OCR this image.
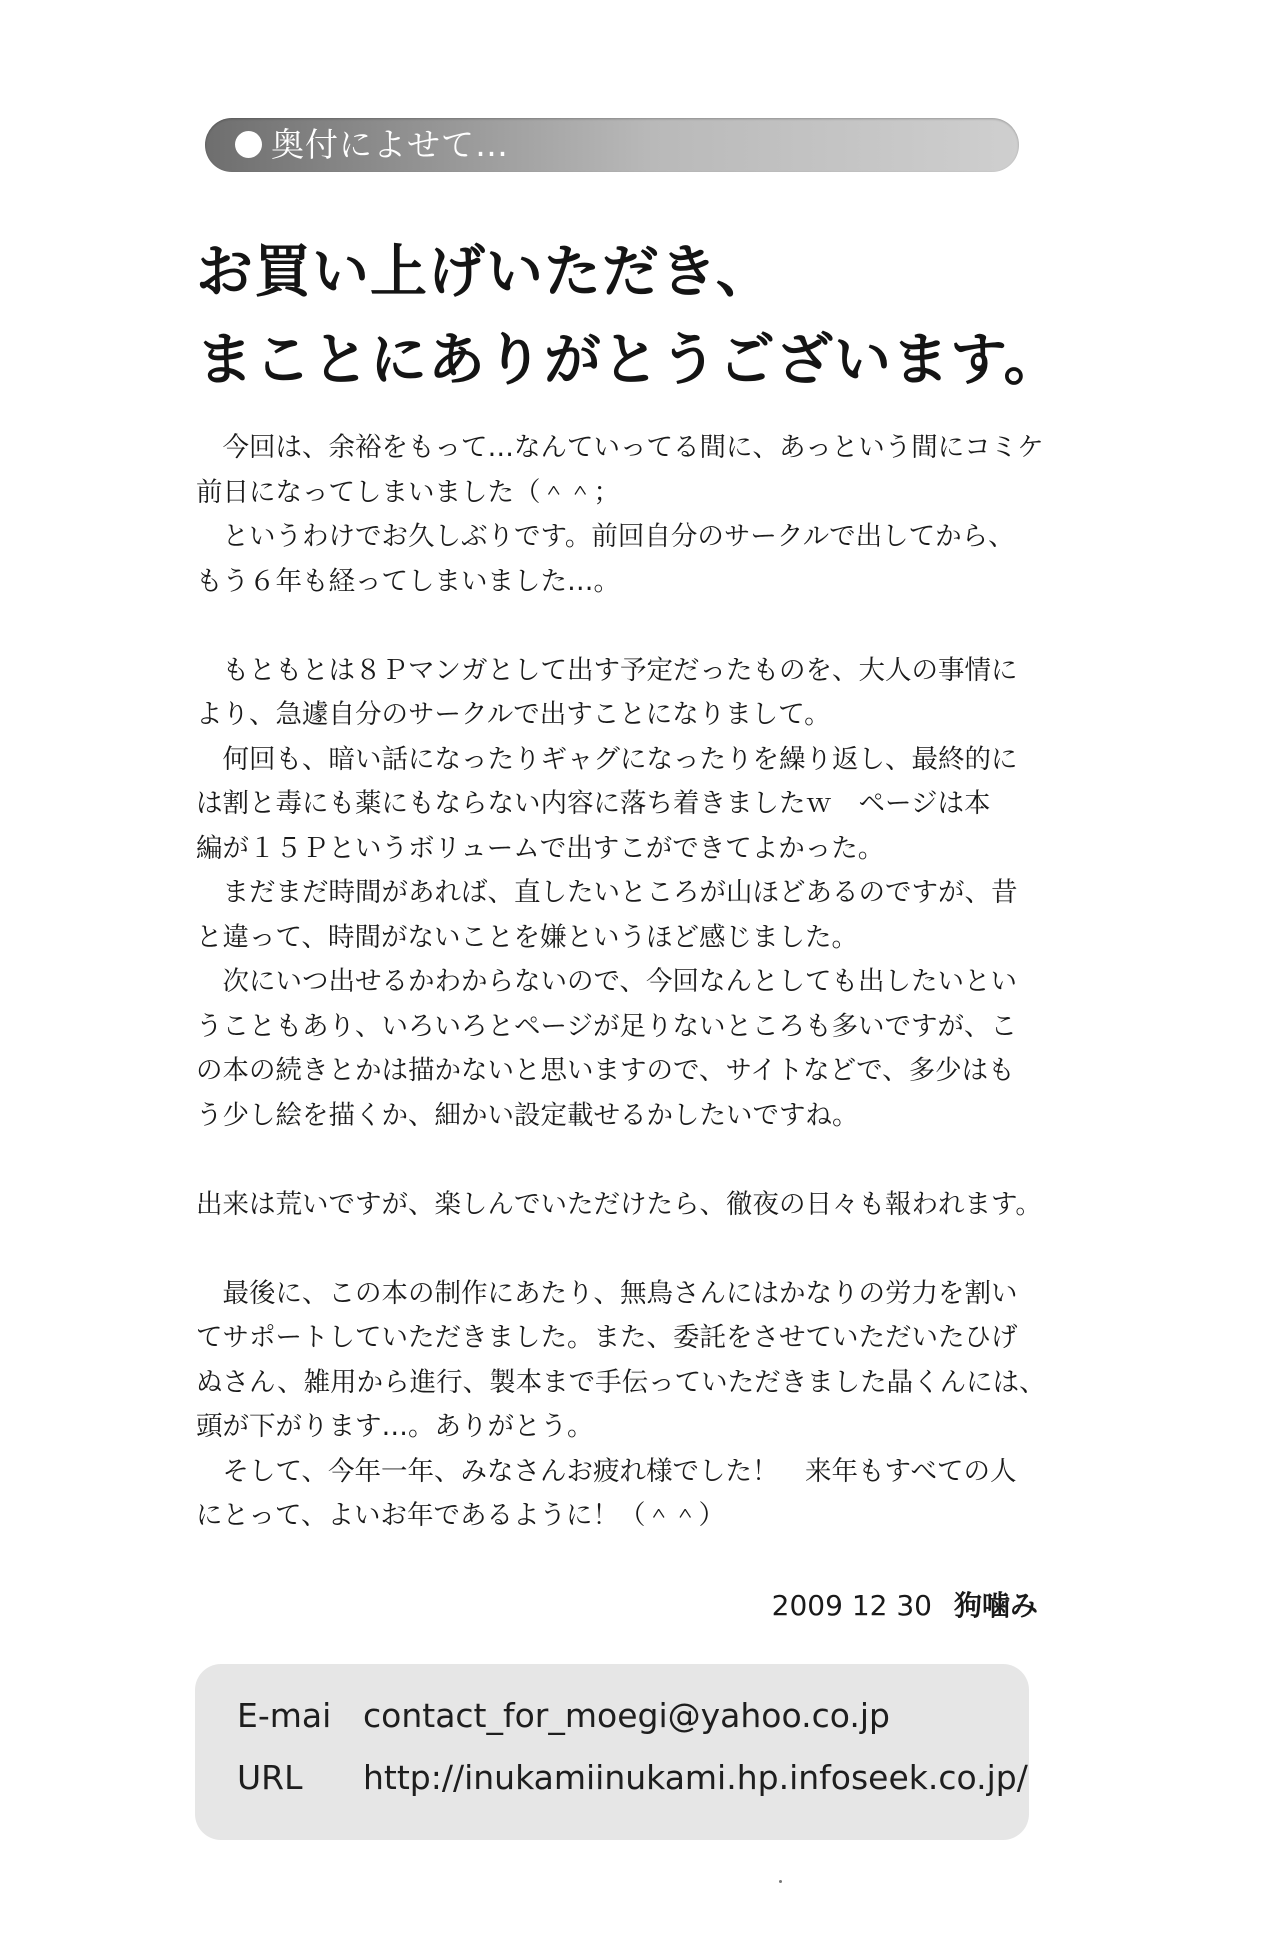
奥付によせて…
お買い上げいただき、
まことにありがとうございます。
　今回は、余裕をもって…なんていってる間に、あっという間にコミケ
前日になってしまいました（＾＾；
　というわけでお久しぶりです。前回自分のサークルで出してから、
もう６年も経ってしまいました…。
　もともとは８Ｐマンガとして出す予定だったものを、大人の事情に
より、急遽自分のサークルで出すことになりまして。
　何回も、暗い話になったりギャグになったりを繰り返し、最終的に
は割と毒にも薬にもならない内容に落ち着きましたｗ　ページは本
編が１５Ｐというボリュームで出すこができてよかった。
　まだまだ時間があれば、直したいところが山ほどあるのですが、昔
と違って、時間がないことを嫌というほど感じました。
　次にいつ出せるかわからないので、今回なんとしても出したいとい
うこともあり、いろいろとページが足りないところも多いですが、こ
の本の続きとかは描かないと思いますので、サイトなどで、多少はも
う少し絵を描くか、細かい設定載せるかしたいですね。
出来は荒いですが、楽しんでいただけたら、徹夜の日々も報われます。
　最後に、この本の制作にあたり、無鳥さんにはかなりの労力を割い
てサポートしていただきました。また、委託をさせていただいたひげ
ぬさん、雑用から進行、製本まで手伝っていただきました晶くんには、
頭が下がります…。ありがとう。
　そして、今年一年、みなさんお疲れ様でした！　来年もすべての人
にとって、よいお年であるように！（＾＾）
2009 12 30 狗噛み
E-mai contact_for_moegi@yahoo.co.jp
URL http://inukamiinukami.hp.infoseek.co.jp/
